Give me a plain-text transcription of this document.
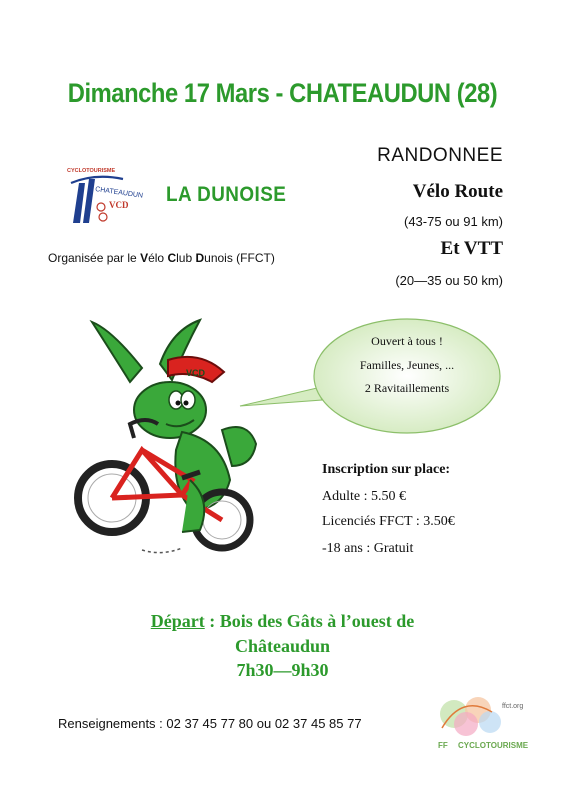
Dimanche 17 Mars - CHATEAUDUN (28)
RANDONNEE
Vélo Route
(43-75 ou 91 km)
Et VTT
(20—35 ou 50 km)
CYCLOTOURISME
CHATEAUDUN
VCD LA DUNOISE
Organisée par le Vélo Club Dunois (FFCT)
Ouvert à tous !
Familles, Jeunes, ...
2 Ravitaillements
VCD
Inscription sur place:
Adulte : 5.50 €
Licenciés FFCT : 3.50€
-18 ans : Gratuit
Départ : Bois des Gâts à l’ouest de
Châteaudun
7h30—9h30
Renseignements : 02 37 45 77 80 ou 02 37 45 85 77
ffct.org
FF CYCLOTOURISME
